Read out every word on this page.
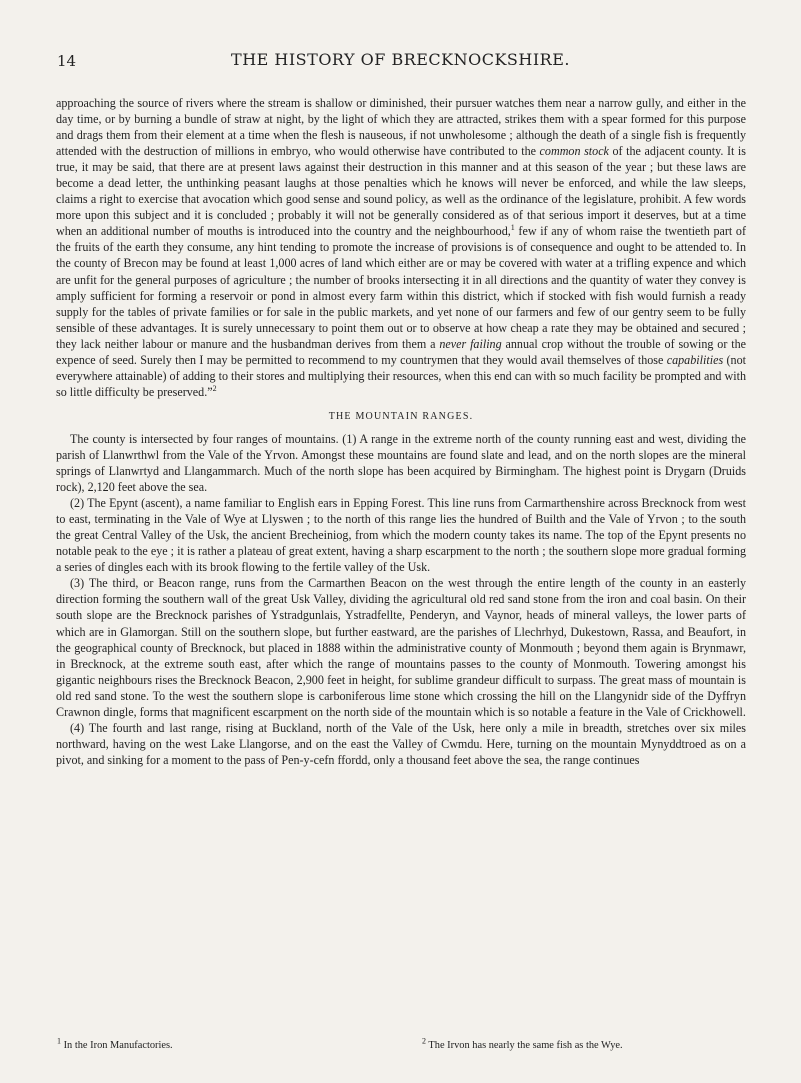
14	THE HISTORY OF BRECKNOCKSHIRE.

approaching the source of rivers where the stream is shallow or diminished, their pursuer watches them near a narrow gully, and either in the day time, or by burning a bundle of straw at night, by the light of which they are attracted, strikes them with a spear formed for this purpose and drags them from their element at a time when the flesh is nauseous, if not unwholesome ; although the death of a single fish is frequently attended with the destruction of millions in embryo, who would otherwise have contributed to the common stock of the adjacent county. It is true, it may be said, that there are at present laws against their destruction in this manner and at this season of the year ; but these laws are become a dead letter, the unthinking peasant laughs at those penalties which he knows will never be enforced, and while the law sleeps, claims a right to exercise that avocation which good sense and sound policy, as well as the ordinance of the legislature, prohibit. A few words more upon this subject and it is concluded ; probably it will not be generally considered as of that serious import it deserves, but at a time when an additional number of mouths is introduced into the country and the neighbourhood,$^1$ few if any of whom raise the twentieth part of the fruits of the earth they consume, any hint tending to promote the increase of provisions is of consequence and ought to be attended to. In the county of Brecon may be found at least 1,000 acres of land which either are or may be covered with water at a trifling expence and which are unfit for the general purposes of agriculture ; the number of brooks intersecting it in all directions and the quantity of water they convey is amply sufficient for forming a reservoir or pond in almost every farm within this district, which if stocked with fish would furnish a ready supply for the tables of private families or for sale in the public markets, and yet none of our farmers and few of our gentry seem to be fully sensible of these advantages. It is surely unnecessary to point them out or to observe at how cheap a rate they may be obtained and secured ; they lack neither labour or manure and the husbandman derives from them a never failing annual crop without the trouble of sowing or the expence of seed. Surely then I may be permitted to recommend to my countrymen that they would avail themselves of those capabilities (not everywhere attainable) of adding to their stores and multiplying their resources, when this end can with so much facility be prompted and with so little difficulty be preserved.”$^2$

THE MOUNTAIN RANGES.

The county is intersected by four ranges of mountains. (1) A range in the extreme north of the county running east and west, dividing the parish of Llanwrthwl from the Vale of the Yrvon. Amongst these mountains are found slate and lead, and on the north slopes are the mineral springs of Llanwrtyd and Llangammarch. Much of the north slope has been acquired by Birmingham. The highest point is Drygarn (Druids rock), 2,120 feet above the sea.

(2) The Epynt (ascent), a name familiar to English ears in Epping Forest. This line runs from Carmarthenshire across Brecknock from west to east, terminating in the Vale of Wye at Llyswen ; to the north of this range lies the hundred of Builth and the Vale of Yrvon ; to the south the great Central Valley of the Usk, the ancient Brecheiniog, from which the modern county takes its name. The top of the Epynt presents no notable peak to the eye ; it is rather a plateau of great extent, having a sharp escarpment to the north ; the southern slope more gradual forming a series of dingles each with its brook flowing to the fertile valley of the Usk.

(3) The third, or Beacon range, runs from the Carmarthen Beacon on the west through the entire length of the county in an easterly direction forming the southern wall of the great Usk Valley, dividing the agricultural old red sand stone from the iron and coal basin. On their south slope are the Brecknock parishes of Ystradgunlais, Ystradfellte, Penderyn, and Vaynor, heads of mineral valleys, the lower parts of which are in Glamorgan. Still on the southern slope, but further eastward, are the parishes of Llechrhyd, Dukestown, Rassa, and Beaufort, in the geographical county of Brecknock, but placed in 1888 within the administrative county of Monmouth ; beyond them again is Brynmawr, in Brecknock, at the extreme south east, after which the range of mountains passes to the county of Monmouth. Towering amongst his gigantic neighbours rises the Brecknock Beacon, 2,900 feet in height, for sublime grandeur difficult to surpass. The great mass of mountain is old red sand stone. To the west the southern slope is carboniferous lime stone which crossing the hill on the Llangynidr side of the Dyffryn Crawnon dingle, forms that magnificent escarpment on the north side of the mountain which is so notable a feature in the Vale of Crickhowell.

(4) The fourth and last range, rising at Buckland, north of the Vale of the Usk, here only a mile in breadth, stretches over six miles northward, having on the west Lake Llangorse, and on the east the Valley of Cwmdu. Here, turning on the mountain Mynyddtroed as on a pivot, and sinking for a moment to the pass of Pen-y-cefn ffordd, only a thousand feet above the sea, the range continues

$^1$ In the Iron Manufactories.	$^2$ The Irvon has nearly the same fish as the Wye.
